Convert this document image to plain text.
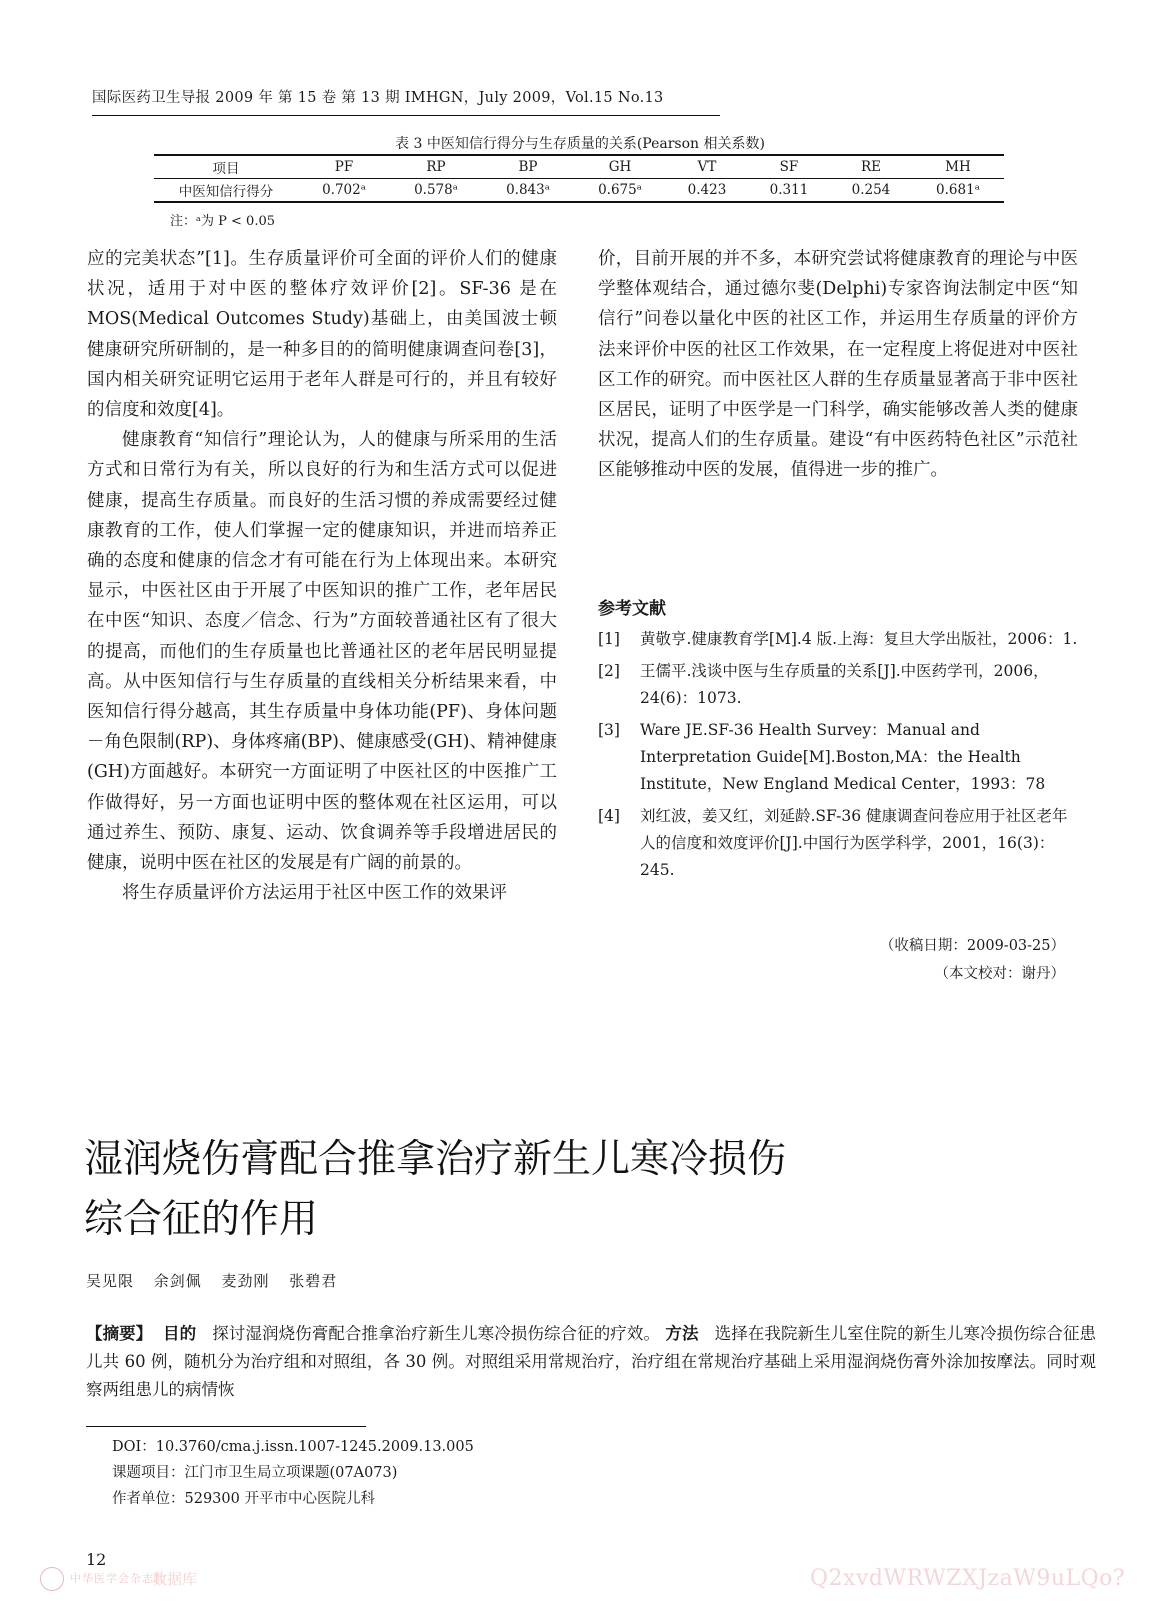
国际医药卫生导报 2009 年 第 15 卷 第 13 期 IMHGN，July 2009，Vol.15 No.13
表 3 中医知信行得分与生存质量的关系(Pearson 相关系数)
项目	PF	RP	BP	GH	VT	SF	RE	MH
中医知信行得分	0.702ᵃ	0.578ᵃ	0.843ᵃ	0.675ᵃ	0.423	0.311	0.254	0.681ᵃ
注：ᵃ为 P < 0.05

应的完美状态”[1]。生存质量评价可全面的评价人们的健康状况，适用于对中医的整体疗效评价[2]。SF-36 是在 MOS(Medical Outcomes Study)基础上，由美国波士顿健康研究所研制的，是一种多目的的简明健康调查问卷[3]，国内相关研究证明它运用于老年人群是可行的，并且有较好的信度和效度[4]。

健康教育“知信行”理论认为，人的健康与所采用的生活方式和日常行为有关，所以良好的行为和生活方式可以促进健康，提高生存质量。而良好的生活习惯的养成需要经过健康教育的工作，使人们掌握一定的健康知识，并进而培养正确的态度和健康的信念才有可能在行为上体现出来。本研究显示，中医社区由于开展了中医知识的推广工作，老年居民在中医“知识、态度／信念、行为”方面较普通社区有了很大的提高，而他们的生存质量也比普通社区的老年居民明显提高。从中医知信行与生存质量的直线相关分析结果来看，中医知信行得分越高，其生存质量中身体功能(PF)、身体问题－角色限制(RP)、身体疼痛(BP)、健康感受(GH)、精神健康(GH)方面越好。本研究一方面证明了中医社区的中医推广工作做得好，另一方面也证明中医的整体观在社区运用，可以通过养生、预防、康复、运动、饮食调养等手段增进居民的健康，说明中医在社区的发展是有广阔的前景的。

将生存质量评价方法运用于社区中医工作的效果评

价，目前开展的并不多，本研究尝试将健康教育的理论与中医学整体观结合，通过德尔斐(Delphi)专家咨询法制定中医“知信行”问卷以量化中医的社区工作，并运用生存质量的评价方法来评价中医的社区工作效果，在一定程度上将促进对中医社区工作的研究。而中医社区人群的生存质量显著高于非中医社区居民，证明了中医学是一门科学，确实能够改善人类的健康状况，提高人们的生存质量。建设“有中医药特色社区”示范社区能够推动中医的发展，值得进一步的推广。

参考文献
[1]	黄敬亨.健康教育学[M].4 版.上海：复旦大学出版社，2006：1.
[2]	王儒平.浅谈中医与生存质量的关系[J].中医药学刊，2006，24(6)：1073.
[3]	Ware JE.SF-36 Health Survey：Manual and Interpretation Guide[M].Boston,MA：the Health Institute，New England Medical Center，1993：78
[4]	刘红波，姜又红，刘延龄.SF-36 健康调查问卷应用于社区老年人的信度和效度评价[J].中国行为医学科学，2001，16(3)：245.
（收稿日期：2009-03-25）
（本文校对：谢丹）
湿润烧伤膏配合推拿治疗新生儿寒冷损伤
综合征的作用
吴见限 余剑佩 麦劲刚 张碧君
【摘要】 目的 探讨湿润烧伤膏配合推拿治疗新生儿寒冷损伤综合征的疗效。 方法 选择在我院新生儿室住院的新生儿寒冷损伤综合征患儿共 60 例，随机分为治疗组和对照组，各 30 例。对照组采用常规治疗，治疗组在常规治疗基础上采用湿润烧伤膏外涂加按摩法。同时观察两组患儿的病情恢
DOI：10.3760/cma.j.issn.1007-1245.2009.13.005
课题项目：江门市卫生局立项课题(07A073)
作者单位：529300 开平市中心医院儿科
12
中华医学会杂志社
数据库	Q2xvdWRWZXJzaW9uLQo?
